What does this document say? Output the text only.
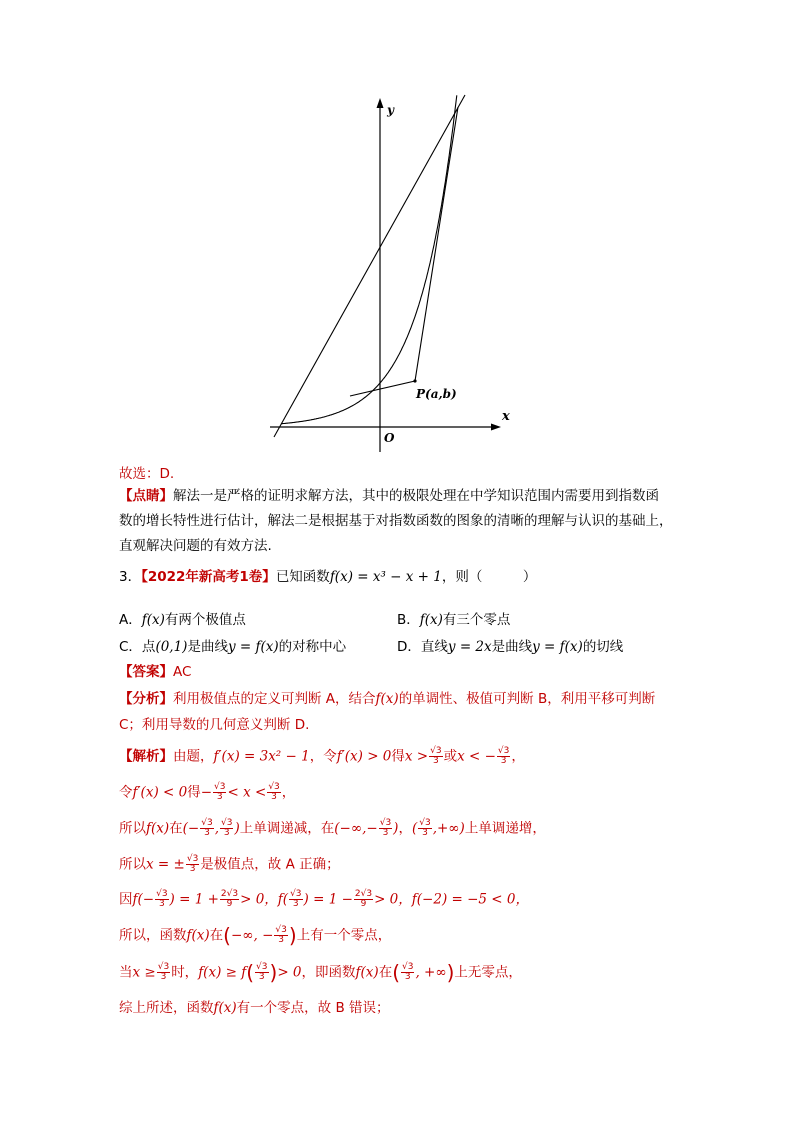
y
x
O
P(a,b)
故选：D.
【点睛】解法一是严格的证明求解方法，其中的极限处理在中学知识范围内需要用到指数函
数的增长特性进行估计，解法二是根据基于对指数函数的图象的清晰的理解与认识的基础上，
直观解决问题的有效方法.
3．【2022年新高考1卷】已知函数f(x) = x³ − x + 1，则（　　　）
A．f(x)有两个极值点	B．f(x)有三个零点
C．点(0,1)是曲线y = f(x)的对称中心	D．直线y = 2x是曲线y = f(x)的切线
【答案】AC
【分析】利用极值点的定义可判断 A，结合f(x)的单调性、极值可判断 B，利用平移可判断
C；利用导数的几何意义判断 D.
【解析】由题，f′(x) = 3x² − 1，令f′(x) > 0得$x > \frac{√3}{3}$ 或x < − $\frac{√3}{3}$ ，
令f′(x) < 0得− $\frac{√3}{3} < x < \frac{√3}{3}$ ，
所以f(x)在(− $\frac{√3}{3}$ , $\frac{√3}{3}$ )上单调递减，在(−∞,− $\frac{√3}{3}$ )，( $\frac{√3}{3}$ ,+∞)上单调递增，
所以x = ± $\frac{√3}{3}$ 是极值点，故 A 正确；
因$f(- \frac{√3}{3}$ ) = $1 + \frac{2√3}{9} > 0$，$f( \frac{√3}{3}$ ) = $1 - \frac{2√3}{9} > 0$，f(−2) = −5 < 0，
所以，函数f(x)在(−∞, − $\frac{√3}{3}$ )上有一个零点，
当$x \ge \frac{√3}{3}$ 时，$f(x) \ge f( \frac{√3}{3}$ )> 0，即函数f(x)在( $\frac{√3}{3}$ , +∞)上无零点，
综上所述，函数f(x)有一个零点，故 B 错误；
